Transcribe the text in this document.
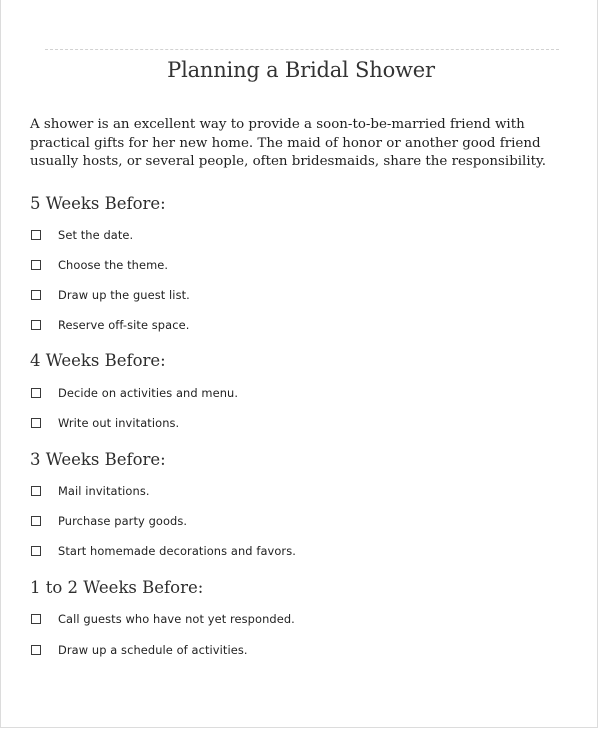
Planning a Bridal Shower

A shower is an excellent way to provide a soon-to-be-married friend with practical gifts for her new home. The maid of honor or another good friend usually hosts, or several people, often bridesmaids, share the responsibility.

5 Weeks Before:
Set the date.
Choose the theme.
Draw up the guest list.
Reserve off-site space.
4 Weeks Before:
Decide on activities and menu.
Write out invitations.
3 Weeks Before:
Mail invitations.
Purchase party goods.
Start homemade decorations and favors.
1 to 2 Weeks Before:
Call guests who have not yet responded.
Draw up a schedule of activities.
